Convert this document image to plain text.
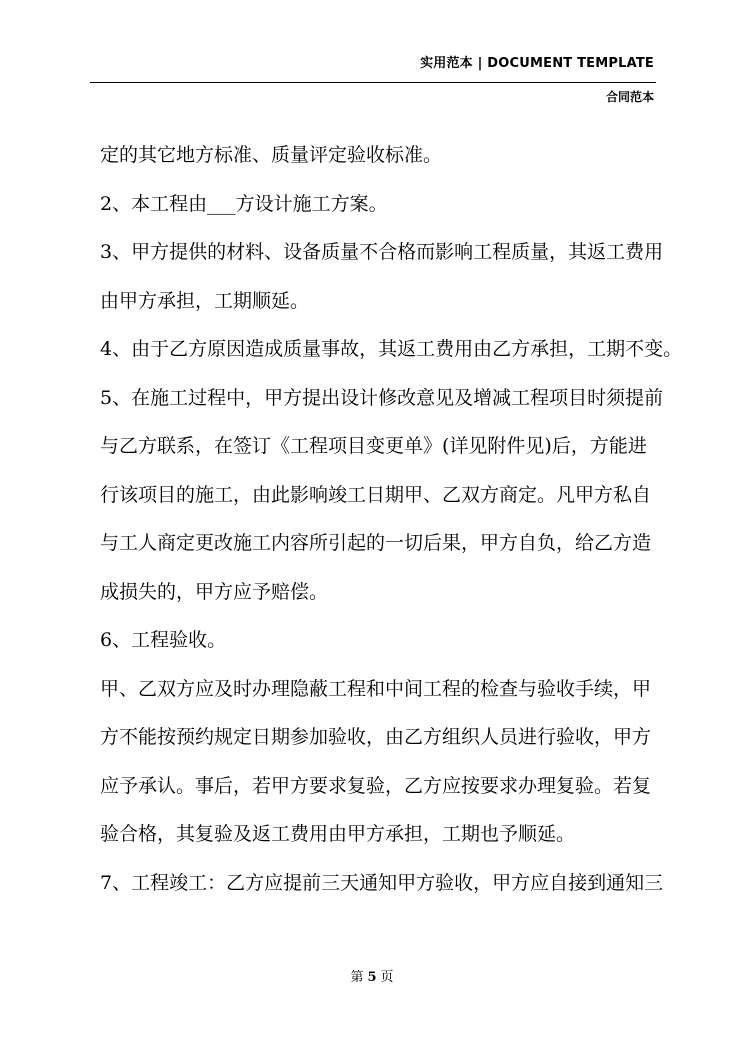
实用范本 | DOCUMENT TEMPLATE
合同范本
定的其它地方标准、质量评定验收标准。
2、本工程由___方设计施工方案。
3、甲方提供的材料、设备质量不合格而影响工程质量，其返工费用
由甲方承担，工期顺延。
4、由于乙方原因造成质量事故，其返工费用由乙方承担，工期不变。
5、在施工过程中，甲方提出设计修改意见及增减工程项目时须提前
与乙方联系，在签订《工程项目变更单》(详见附件见)后，方能进
行该项目的施工，由此影响竣工日期甲、乙双方商定。凡甲方私自
与工人商定更改施工内容所引起的一切后果，甲方自负，给乙方造
成损失的，甲方应予赔偿。
6、工程验收。
甲、乙双方应及时办理隐蔽工程和中间工程的检查与验收手续，甲
方不能按预约规定日期参加验收，由乙方组织人员进行验收，甲方
应予承认。事后，若甲方要求复验，乙方应按要求办理复验。若复
验合格，其复验及返工费用由甲方承担，工期也予顺延。
7、工程竣工：乙方应提前三天通知甲方验收，甲方应自接到通知三
第 5 页
